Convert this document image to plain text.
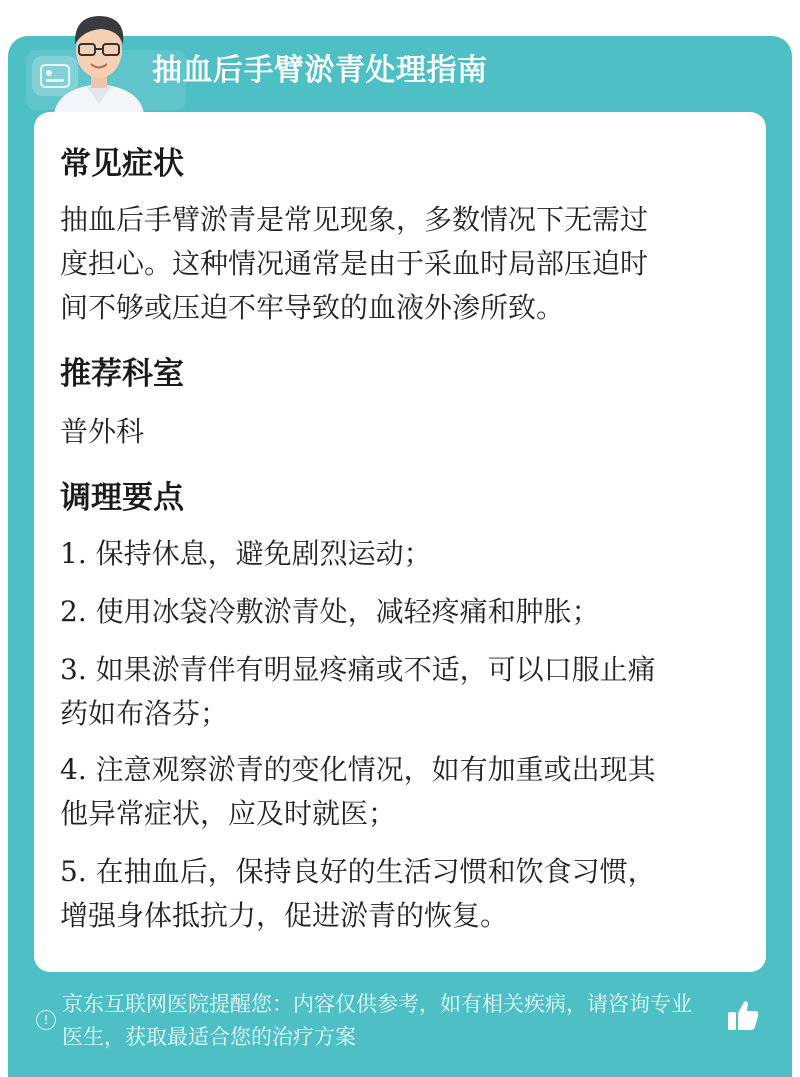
抽血后手臂淤青处理指南
常见症状
抽血后手臂淤青是常见现象，多数情况下无需过
度担心。这种情况通常是由于采血时局部压迫时
间不够或压迫不牢导致的血液外渗所致。
推荐科室
普外科
调理要点
1. 保持休息，避免剧烈运动；
2. 使用冰袋冷敷淤青处，减轻疼痛和肿胀；
3. 如果淤青伴有明显疼痛或不适，可以口服止痛
药如布洛芬；
4. 注意观察淤青的变化情况，如有加重或出现其
他异常症状，应及时就医；
5. 在抽血后，保持良好的生活习惯和饮食习惯，
增强身体抵抗力，促进淤青的恢复。
!
京东互联网医院提醒您：内容仅供参考，如有相关疾病，请咨询专业
医生，获取最适合您的治疗方案
